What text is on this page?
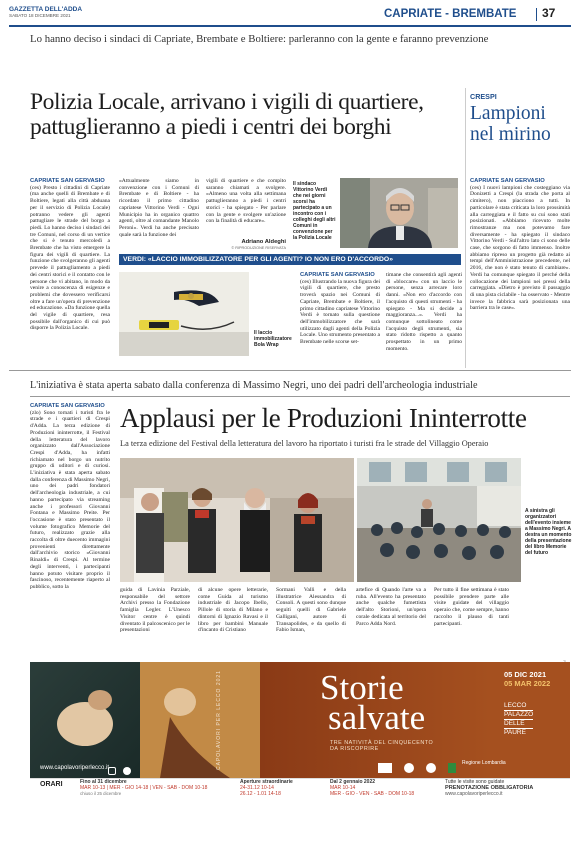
GAZZETTA DELL'ADDA
SABATO 18 DICEMBRE 2021	CAPRIATE - BREMBATE 37
Lo hanno deciso i sindaci di Capriate, Brembate e Boltiere: parleranno con la gente e faranno prevenzione
Polizia Locale, arrivano i vigili di quartiere,
pattuglieranno a piedi i centri dei borghi
CAPRIATE SAN GERVASIO
(ces) Presto i cittadini di Capriate (ma anche quelli di Brembate e di Boltiere, legati alla città abduana per il servizio di Polizia Locale) potranno vedere gli agenti pattugliare le strade del borgo a piedi. Lo hanno deciso i sindaci dei tre Comuni, nel corso di un vertice che si è tenuto mercoledì a Brembate che ha visto emergere la figura dei vigili di quartiere. La funzione che svolgeranno gli agenti prevede il pattugliamento a piedi dei centri storici e il contatto con le persone che vi abitano, in modo da venire a conoscenza di esigenze e problemi che dovessero verificarsi oltre a fare un'opera di prevenzione ed educazione. «Da funzione quella del vigile di quartiere, resa possibile dall'organico di cui può disporre la Polizia Locale.
«Attualmente siamo in convenzione con i Comuni di Brembate e di Boltiere - ha ricordato il primo cittadino capriatese Vittorino Verdi - Ogni Municipio ha in organico quattro agenti, oltre al comandante Manolo Peroni». Verdi ha anche precisato quale sarà la funzione dei
vigili di quartiere e che compito saranno chiamati a svolgere. «Almeno una volta alla settimana pattuglieranno a piedi i centri storici - ha spiegato - Per parlare con la gente e svolgere un'azione con la finalità di educare».
Adriano Aldeghi
© RIPRODUZIONE RISERVATA
Il sindaco Vittorino Verdi che nei giorni scorsi ha partecipato a un incontro con i colleghi degli altri Comuni in convenzione per la Polizia Locale
VERDI: «LACCIO IMMOBILIZZATORE PER GLI AGENTI? IO NON ERO D'ACCORDO»
Il laccio immobilizzatore Bola Wrap
CAPRIATE SAN GERVASIO
(ces) Illustrando la nuova figura dei vigili di quartiere, che presto troverà spazio nei Comuni di Capriate, Brembate e Boltiere, il primo cittadino capriatese Vittorino Verdi è tornato sulla questione dell'immobilizzatore che sarà utilizzato dagli agenti della Polizia Locale. Uno strumento presentato a Brembate nelle scorse set-
timane che consentirà agli agenti di «bloccare» con un laccio le persone, senza arrecare loro danni. «Non ero d'accordo con l'acquisto di questi strumenti - ha spiegato - Ma si decide a maggioranza...». Verdi ha comunque sottolineato come l'acquisto degli strumenti, sia stato ridotto rispetto a quanto prospettato in un primo momento.
CRESPI
Lampioni
nel mirino
CAPRIATE SAN GERVASIO
(ces) I nuovi lampioni che costeggiano via Donizetti a Crespi (la strada che porta al cimitero), non piacciono a tutti. In particolare è stata criticata la loro prossimità alla carreggiata e il fatto su cui sono stati posizionati. «Abbiamo ricevuto molte rimostranze ma non potevamo fare diversamente - ha spiegato il sindaco Vittorino Verdi - Sull'altro lato ci sono delle case, che sorgono di fatto immenso. Inoltre abbiamo ripreso un progetto già redatto ai tempi dell'Amministrazione precedente, nel 2016, che non è stato tenuto di cambiare». Verdi ha comunque spiegato il perché della collocazione dei lampioni nei pressi della carreggiata. «Dietro è previsto il passaggio di una pista ciclabile - ha osservato - Mentre invece la fabbrica sarà posizionata una barriera tra le case».
L'iniziativa è stata aperta sabato dalla conferenza di Massimo Negri, uno dei padri dell'archeologia industriale
CAPRIATE SAN GERVASIO
(zlo) Sono tornati i turisti fra le strade e i quartieri di Crespi d'Adda. La terza edizione di Produzioni ininterrotte, il Festival della letteratura del lavoro organizzato dall'Associazione Crespi d'Adda, ha infatti richiamato nel borgo un nutrito gruppo di uditori e di curiosi. L'iniziativa è stata aperta sabato dalla conferenza di Massimo Negri, uno dei padri fondatori dell'archeologia industriale, a cui hanno partecipato via streaming anche i professori Giovanni Fontana e Massimo Preite. Per l'occasione è stato presentato il volume fotografico Memorie del futuro, realizzato grazie alla raccolta di oltre duecento immagini provenienti direttamente dall'archivio storico «Giovanni Rinaldi» di Crespi. Al termine degli interventi, i partecipanti hanno potuto visitare proprio il fascinoso, recentemente riaperto al pubblico, sotto la
Applausi per le Produzioni Ininterrotte
La terza edizione del Festival della letteratura del lavoro ha riportato i turisti fra le strade del Villaggio Operaio
A sinistra gli organizzatori dell'evento insieme a Massimo Negri. A destra un momento della presentazione del libro Memorie del futuro
guida di Lavinia Parziale, responsabile del settore Archivi presso la Fondazione famiglia Legler. L'Unesco Visitor centre è quindi diventato il palcoscenico per le presentazioni
di alcune opere letterarie, come Guida al turismo industriale di Jacopo Ibello, Pillole di storia di Milano e dintorni di Ignazio Ravasi e il libro per bambini Manuale d'incanto di Cristiano
Sormani Valli e della illustratrice Alessandra di Consoli. A questi sono dunque seguiti quelli di Gabriele Galligani, autore di Transapolides, e da quello di Fabio Isman,
artefice di Quando l'arte va a ruba. All'evento ha presentato anche qualche fumettista dell'alto Storioni, un'opera corale dedicata al territorio del Parco Adda Nord.
Per tutto il fine settimana è stato possibile prendere parte alle visite guidate del villaggio operaio che, come sempre, hanno raccolto il plauso di tanti partecipanti.
CAPOLAVORI PER LECCO 2021	Storie
salvate
TRE NATIVITÀ DEL CINQUECENTO
DA RISCOPRIRE
05 DIC 2021
05 MAR 2022
LECCO
PALAZZO
DELLE
PAURE
www.capolavoriperlecco.it

$^{Regione Lombardia}$
ORARI	Fino al 31 dicembre
MAR 10-13 | MER - GIO 14-18 | VEN - SAB - DOM 10-18
chiuso il 25 dicembre
Aperture straordinarie
24-31.12 10-14
26.12 - 1.01 14-18
Dal 2 gennaio 2022
MAR 10-14
MER - GIO - VEN - SAB - DOM 10-18
Tutte le visite sono guidate
PRENOTAZIONE OBBLIGATORIA
www.capolavoriperlecco.it
